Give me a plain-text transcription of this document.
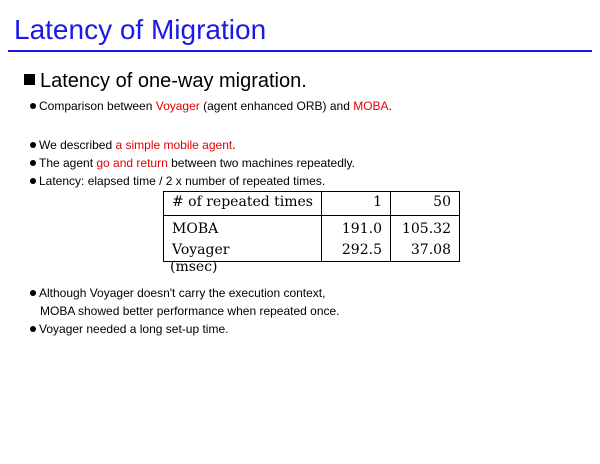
Latency of Migration
Latency of one-way migration.
Comparison between Voyager (agent enhanced ORB) and MOBA.
We described a simple mobile agent.
The agent go and return between two machines repeatedly.
Latency: elapsed time / 2 x number of repeated times.
# of repeated times	1	50
MOBA	191.0	105.32
Voyager	292.5	37.08
(msec)
Although Voyager doesn't carry the execution context,
MOBA showed better performance when repeated once.
Voyager needed a long set-up time.
